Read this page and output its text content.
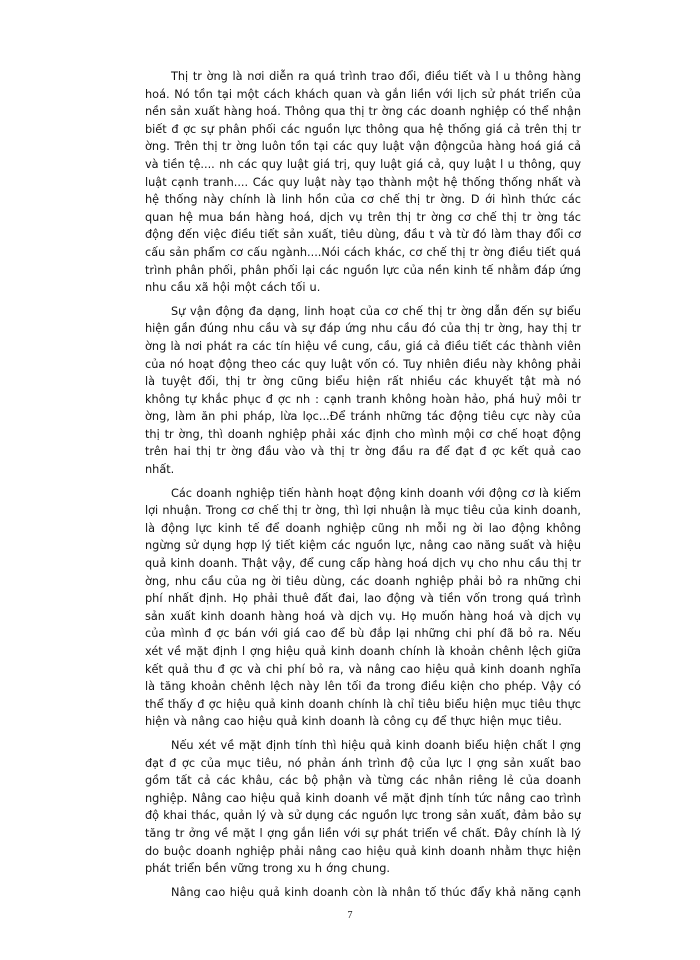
Thị tr ờng là nơi diễn ra quá trình trao đổi, điều tiết và l u thông hàng hoá. Nó tồn tại một cách khách quan và gắn liền với lịch sử phát triển của nền sản xuất hàng hoá. Thông qua thị tr ờng các doanh nghiệp có thể nhận biết đ ợc sự phân phối các nguồn lực thông qua hệ thống giá cả trên thị tr ờng. Trên thị tr ờng luôn tồn tại các quy luật vận độngcủa hàng hoá giá cả và tiền tệ.... nh các quy luật giá trị, quy luật giá cả, quy luật l u thông, quy luật cạnh tranh.... Các quy luật này tạo thành một hệ thống thống nhất và hệ thống này chính là linh hồn của cơ chế thị tr ờng. D ới hình thức các quan hệ mua bán hàng hoá, dịch vụ trên thị tr ờng cơ chế thị tr ờng tác động đến việc điều tiết sản xuất, tiêu dùng, đầu t và từ đó làm thay đổi cơ cấu sản phẩm cơ cấu ngành....Nói cách khác, cơ chế thị tr ờng điều tiết quá trình phân phối, phân phối lại các nguồn lực của nền kinh tế nhằm đáp ứng nhu cầu xã hội một cách tối u.

Sự vận động đa dạng, linh hoạt của cơ chế thị tr ờng dẫn đến sự biểu hiện gần đúng nhu cầu và sự đáp ứng nhu cầu đó của thị tr ờng, hay thị tr ờng là nơi phát ra các tín hiệu về cung, cầu, giá cả điều tiết các thành viên của nó hoạt động theo các quy luật vốn có. Tuy nhiên điều này không phải là tuyệt đối, thị tr ờng cũng biểu hiện rất nhiều các khuyết tật mà nó không tự khắc phục đ ợc nh : cạnh tranh không hoàn hảo, phá huỷ môi tr ờng, làm ăn phi pháp, lừa lọc...Để tránh những tác động tiêu cực này của thị tr ờng, thì doanh nghiệp phải xác định cho mình mội cơ chế hoạt động trên hai thị tr ờng đầu vào và thị tr ờng đầu ra để đạt đ ợc kết quả cao nhất.

Các doanh nghiệp tiến hành hoạt động kinh doanh với động cơ là kiếm lợi nhuận. Trong cơ chế thị tr ờng, thì lợi nhuận là mục tiêu của kinh doanh, là động lực kinh tế để doanh nghiệp cũng nh mỗi ng ời lao động không ngừng sử dụng hợp lý tiết kiệm các nguồn lực, nâng cao năng suất và hiệu quả kinh doanh. Thật vậy, để cung cấp hàng hoá dịch vụ cho nhu cầu thị tr ờng, nhu cầu của ng ời tiêu dùng, các doanh nghiệp phải bỏ ra những chi phí nhất định. Họ phải thuê đất đai, lao động và tiền vốn trong quá trình sản xuất kinh doanh hàng hoá và dịch vụ. Họ muốn hàng hoá và dịch vụ của mình đ ợc bán với giá cao để bù đắp lại những chi phí đã bỏ ra. Nếu xét về mặt định l ợng hiệu quả kinh doanh chính là khoản chênh lệch giữa kết quả thu đ ợc và chi phí bỏ ra, và nâng cao hiệu quả kinh doanh nghĩa là tăng khoản chênh lệch này lên tối đa trong điều kiện cho phép. Vậy có thể thấy đ ợc hiệu quả kinh doanh chính là chỉ tiêu biểu hiện mục tiêu thực hiện và nâng cao hiệu quả kinh doanh là công cụ để thực hiện mục tiêu.

Nếu xét về mặt định tính thì hiệu quả kinh doanh biểu hiện chất l ợng đạt đ ợc của mục tiêu, nó phản ánh trình độ của lực l ợng sản xuất bao gồm tất cả các khâu, các bộ phận và từng các nhân riêng lẻ của doanh nghiệp. Nâng cao hiệu quả kinh doanh về mặt định tính tức nâng cao trình độ khai thác, quản lý và sử dụng các nguồn lực trong sản xuất, đảm bảo sự tăng tr ởng về mặt l ợng gắn liền với sự phát triển về chất. Đây chính là lý do buộc doanh nghiệp phải nâng cao hiệu quả kinh doanh nhằm thực hiện phát triển bền vững trong xu h ớng chung.

Nâng cao hiệu quả kinh doanh còn là nhân tố thúc đẩy khả năng cạnh

7
